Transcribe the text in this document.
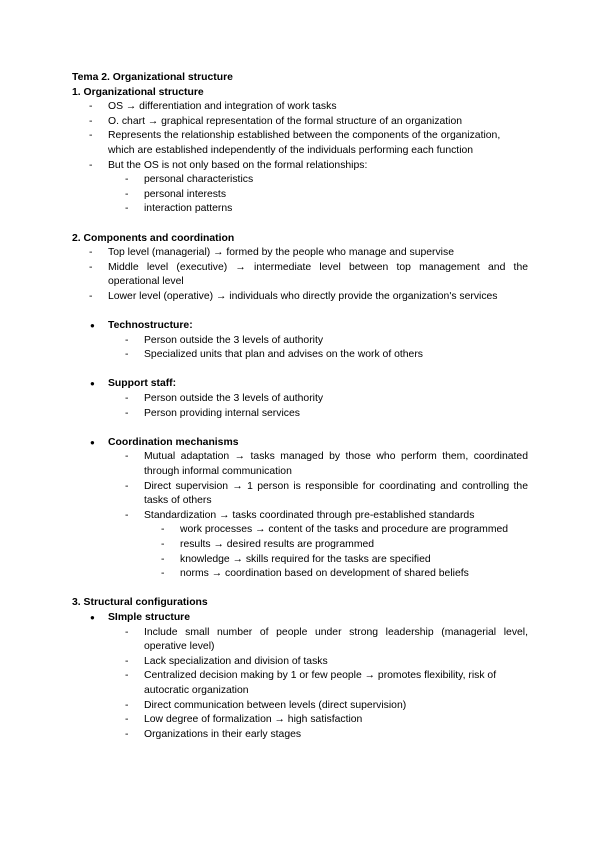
Tema 2. Organizational structure
1. Organizational structure
- OS → differentiation and integration of work tasks
- O. chart → graphical representation of the formal structure of an organization
- Represents the relationship established between the components of the organization, which are established independently of the individuals performing each function
- But the OS is not only based on the formal relationships:
- personal characteristics
- personal interests
- interaction patterns
2. Components and coordination
- Top level (managerial) → formed by the people who manage and supervise
- Middle level (executive) → intermediate level between top management and the operational level
- Lower level (operative) → individuals who directly provide the organization's services
● Technostructure:
- Person outside the 3 levels of authority
- Specialized units that plan and advises on the work of others
● Support staff:
- Person outside the 3 levels of authority
- Person providing internal services
● Coordination mechanisms
- Mutual adaptation → tasks managed by those who perform them, coordinated through informal communication
- Direct supervision → 1 person is responsible for coordinating and controlling the tasks of others
- Standardization → tasks coordinated through pre-established standards
- work processes → content of the tasks and procedure are programmed
- results → desired results are programmed
- knowledge → skills required for the tasks are specified
- norms → coordination based on development of shared beliefs
3. Structural configurations
● SImple structure
- Include small number of people under strong leadership (managerial level, operative level)
- Lack specialization and division of tasks
- Centralized decision making by 1 or few people → promotes flexibility, risk of autocratic organization
- Direct communication between levels (direct supervision)
- Low degree of formalization → high satisfaction
- Organizations in their early stages
